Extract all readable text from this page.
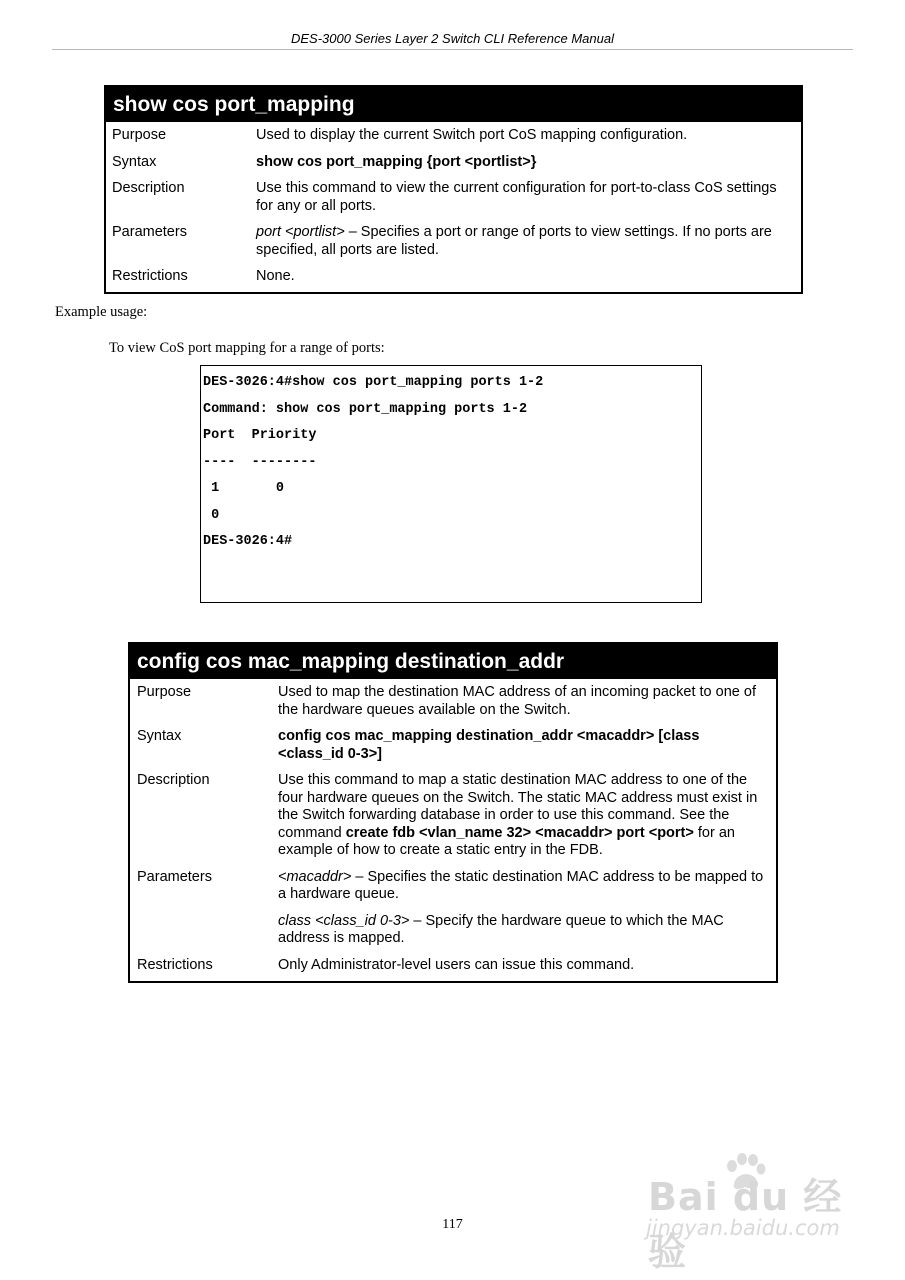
DES-3000 Series Layer 2 Switch CLI Reference Manual
show cos port_mapping
Purpose	Used to display the current Switch port CoS mapping configuration.
Syntax	show cos port_mapping {port <portlist>}
Description	Use this command to view the current configuration for port-to-class CoS settings for any or all ports.
Parameters	port <portlist> – Specifies a port or range of ports to view settings. If no ports are specified, all ports are listed.
Restrictions	None.
Example usage:
To view CoS port mapping for a range of ports:
DES-3026:4#show cos port_mapping ports 1-2
Command: show cos port_mapping ports 1-2
Port  Priority
----  --------
1       0
0
DES-3026:4#
config cos mac_mapping destination_addr
Purpose	Used to map the destination MAC address of an incoming packet to one of the hardware queues available on the Switch.
Syntax	config cos mac_mapping destination_addr <macaddr> [class <class_id 0-3>]
Description	Use this command to map a static destination MAC address to one of the four hardware queues on the Switch. The static MAC address must exist in the Switch forwarding database in order to use this command. See the command create fdb <vlan_name 32> <macaddr> port <port> for an example of how to create a static entry in the FDB.
Parameters	<macaddr> – Specifies the static destination MAC address to be mapped to a hardware queue.
class <class_id 0-3> – Specify the hardware queue to which the MAC address is mapped.
Restrictions	Only Administrator-level users can issue this command.
117
Bai du 经验
jingyan.baidu.com
